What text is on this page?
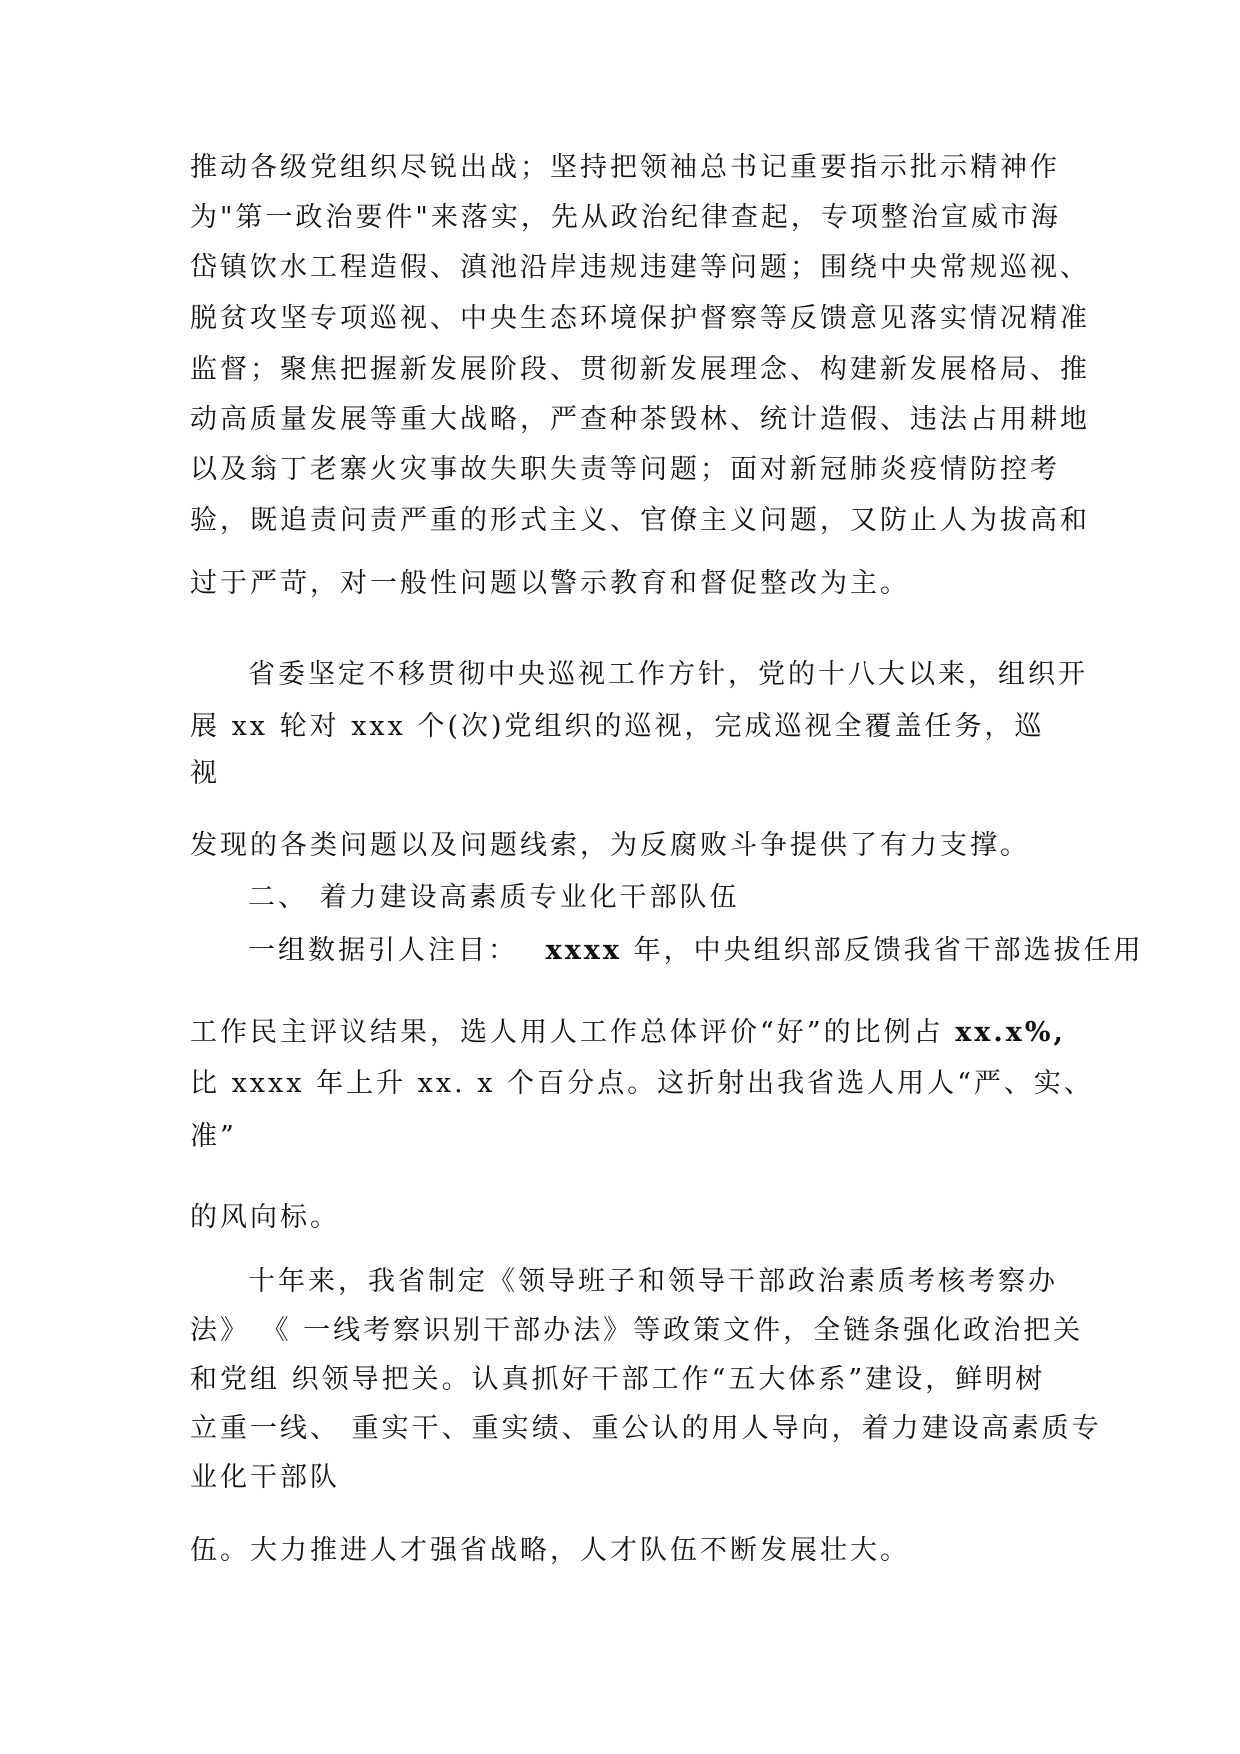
推动各级党组织尽锐出战；坚持把领袖总书记重要指示批示精神作
为"第一政治要件"来落实，先从政治纪律查起，专项整治宣威市海
岱镇饮水工程造假、滇池沿岸违规违建等问题；围绕中央常规巡视、
脱贫攻坚专项巡视、中央生态环境保护督察等反馈意见落实情况精准
监督；聚焦把握新发展阶段、贯彻新发展理念、构建新发展格局、推
动高质量发展等重大战略，严查种茶毁林、统计造假、违法占用耕地
以及翁丁老寨火灾事故失职失责等问题；面对新冠肺炎疫情防控考
验，既追责问责严重的形式主义、官僚主义问题，又防止人为拔高和
过于严苛，对一般性问题以警示教育和督促整改为主。
省委坚定不移贯彻中央巡视工作方针，党的十八大以来，组织开
展 xx 轮对 xxx 个(次)党组织的巡视，完成巡视全覆盖任务，巡
视
发现的各类问题以及问题线索，为反腐败斗争提供了有力支撑。
二、 着力建设高素质专业化干部队伍
一组数据引人注目： xxxx 年，中央组织部反馈我省干部选拔任用
工作民主评议结果，选人用人工作总体评价“好”的比例占 xx.x%,
比 xxxx 年上升 xx. x 个百分点。这折射出我省选人用人“严、实、
准”
的风向标。
十年来，我省制定《领导班子和领导干部政治素质考核考察办
法》 《 一线考察识别干部办法》等政策文件，全链条强化政治把关
和党组 织领导把关。认真抓好干部工作“五大体系”建设，鲜明树
立重一线、 重实干、重实绩、重公认的用人导向，着力建设高素质专
业化干部队
伍。大力推进人才强省战略，人才队伍不断发展壮大。
